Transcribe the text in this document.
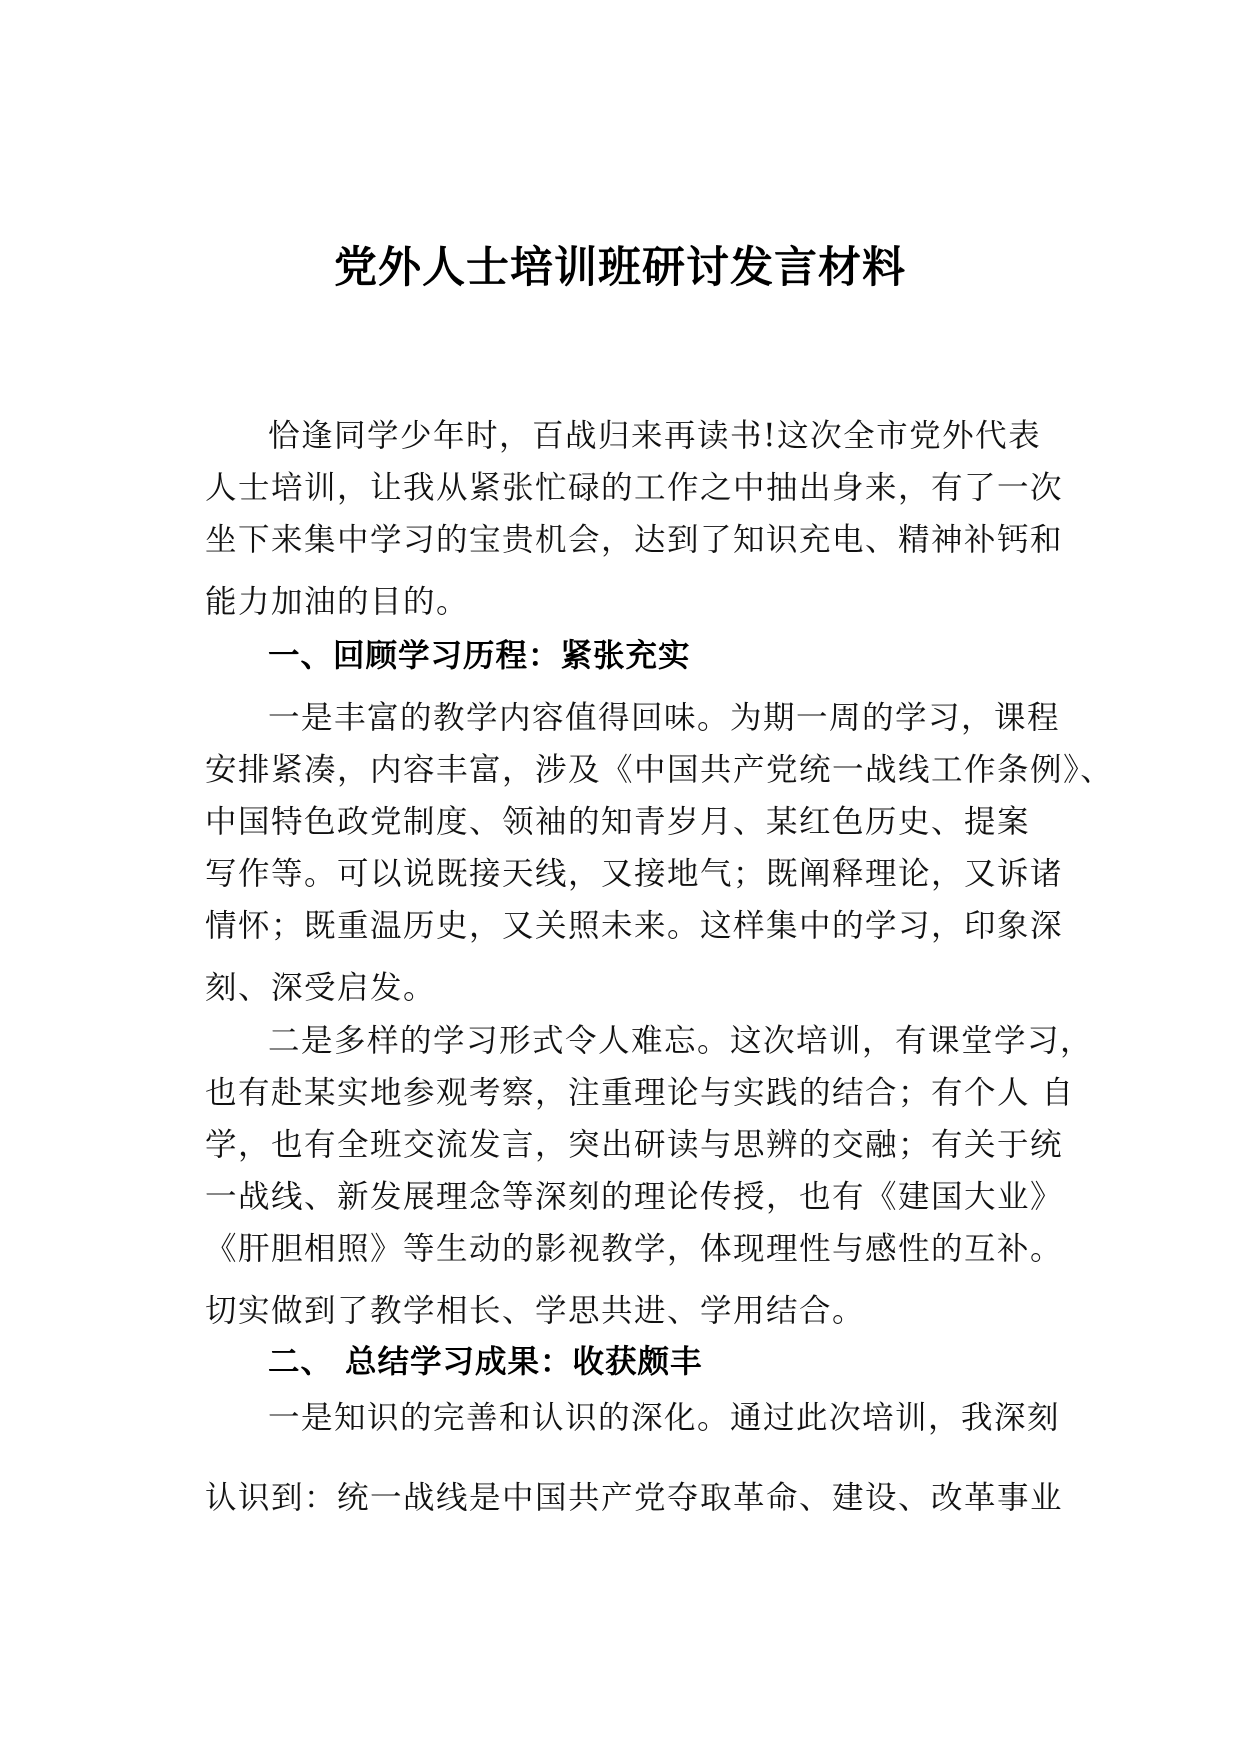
党外人士培训班研讨发言材料

恰逢同学少年时，百战归来再读书!这次全市党外代表
人士培训，让我从紧张忙碌的工作之中抽出身来，有了一次
坐下来集中学习的宝贵机会，达到了知识充电、精神补钙和
能力加油的目的。

一、回顾学习历程：紧张充实

一是丰富的教学内容值得回味。为期一周的学习，课程
安排紧凑，内容丰富，涉及《中国共产党统一战线工作条例》、
中国特色政党制度、领袖的知青岁月、某红色历史、提案
写作等。可以说既接天线，又接地气；既阐释理论，又诉诸
情怀；既重温历史，又关照未来。这样集中的学习，印象深
刻、深受启发。

二是多样的学习形式令人难忘。这次培训，有课堂学习，
也有赴某实地参观考察，注重理论与实践的结合；有个人 自
学，也有全班交流发言，突出研读与思辨的交融；有关于统
一战线、新发展理念等深刻的理论传授，也有《建国大业》
《肝胆相照》等生动的影视教学，体现理性与感性的互补。
切实做到了教学相长、学思共进、学用结合。

二、 总结学习成果：收获颇丰

一是知识的完善和认识的深化。通过此次培训，我深刻
认识到：统一战线是中国共产党夺取革命、建设、改革事业
